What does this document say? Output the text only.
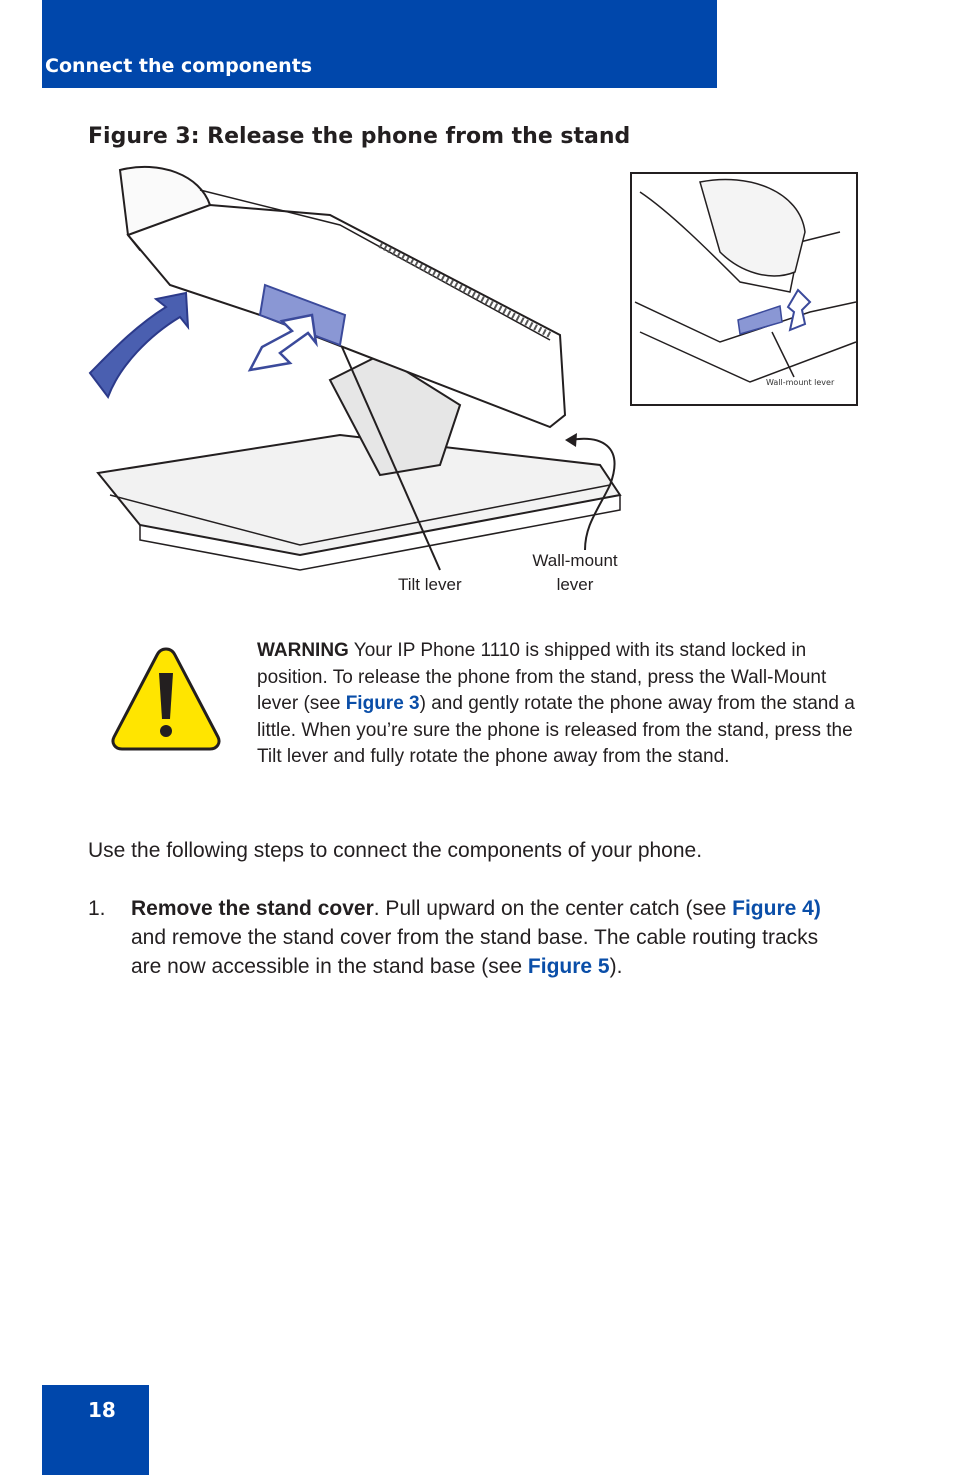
Connect the components
Figure 3: Release the phone from the stand
Tilt lever
Wall-mount
lever
Wall-mount lever

WARNING Your IP Phone 1110 is shipped with its stand locked in position. To release the phone from the stand, press the Wall-Mount lever (see Figure 3) and gently rotate the phone away from the stand a little. When you’re sure the phone is released from the stand, press the Tilt lever and fully rotate the phone away from the stand.

Use the following steps to connect the components of your phone.

1. Remove the stand cover. Pull upward on the center catch (see Figure 4) and remove the stand cover from the stand base. The cable routing tracks are now accessible in the stand base (see Figure 5).

18
